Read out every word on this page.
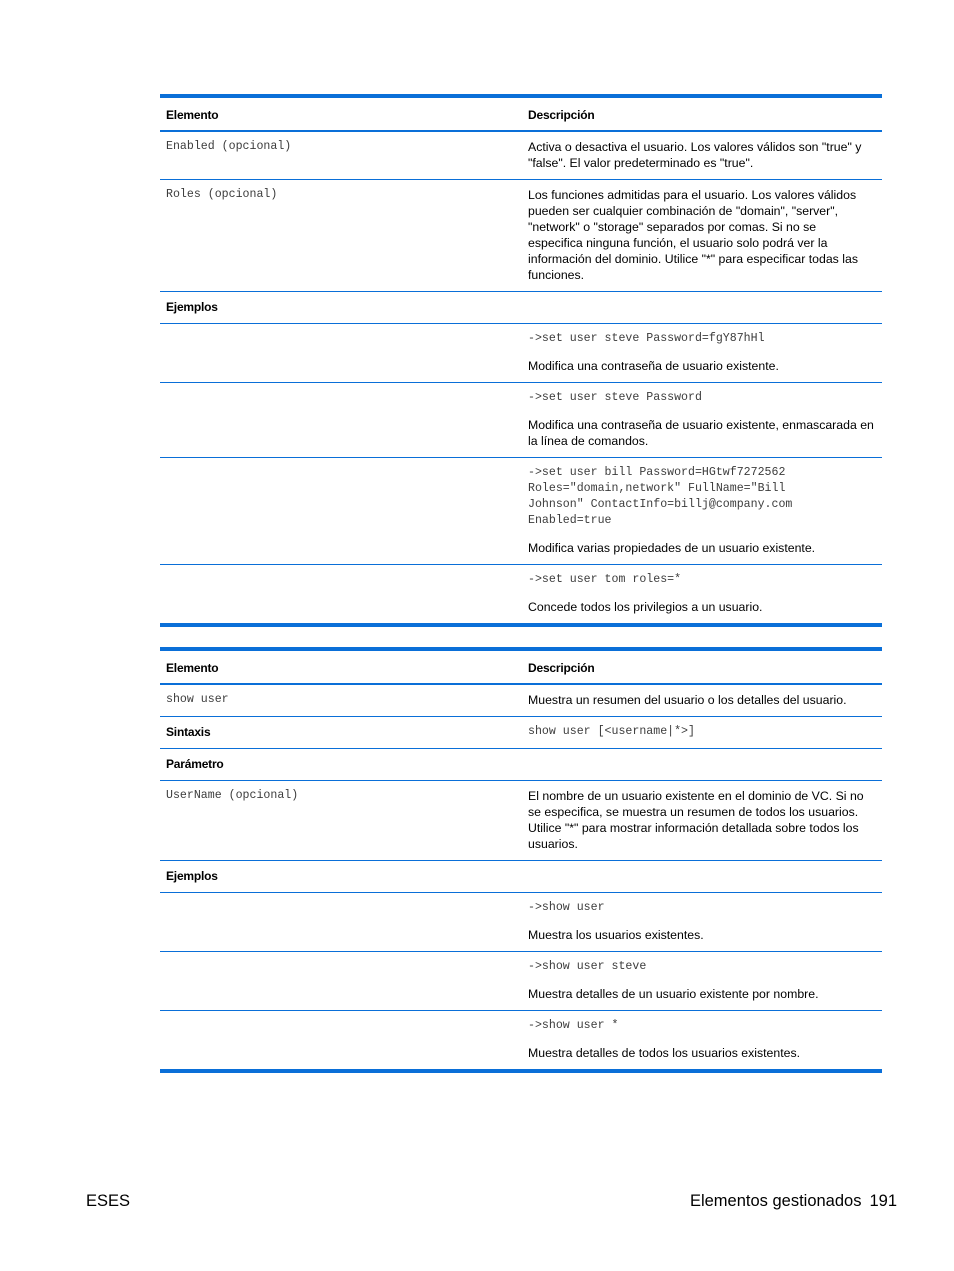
Elemento	Descripción
Enabled (opcional)	Activa o desactiva el usuario. Los valores válidos son "true" y "false". El valor predeterminado es "true".
Roles (opcional)	Los funciones admitidas para el usuario. Los valores válidos pueden ser cualquier combinación de "domain", "server", "network" o "storage" separados por comas. Si no se especifica ninguna función, el usuario solo podrá ver la información del dominio. Utilice "*" para especificar todas las funciones.
Ejemplos
->set user steve Password=fgY87hHl
Modifica una contraseña de usuario existente.
->set user steve Password
Modifica una contraseña de usuario existente, enmascarada en la línea de comandos.
->set user bill Password=HGtwf7272562
Roles="domain,network" FullName="Bill
Johnson" ContactInfo=billj@company.com
Enabled=true
Modifica varias propiedades de un usuario existente.
->set user tom roles=*
Concede todos los privilegios a un usuario.
Elemento	Descripción
show user	Muestra un resumen del usuario o los detalles del usuario.
Sintaxis	show user [<username|*>]
Parámetro
UserName (opcional)	El nombre de un usuario existente en el dominio de VC. Si no se especifica, se muestra un resumen de todos los usuarios. Utilice "*" para mostrar información detallada sobre todos los usuarios.
Ejemplos
->show user
Muestra los usuarios existentes.
->show user steve
Muestra detalles de un usuario existente por nombre.
->show user *
Muestra detalles de todos los usuarios existentes.
ESES	Elementos gestionados 191
